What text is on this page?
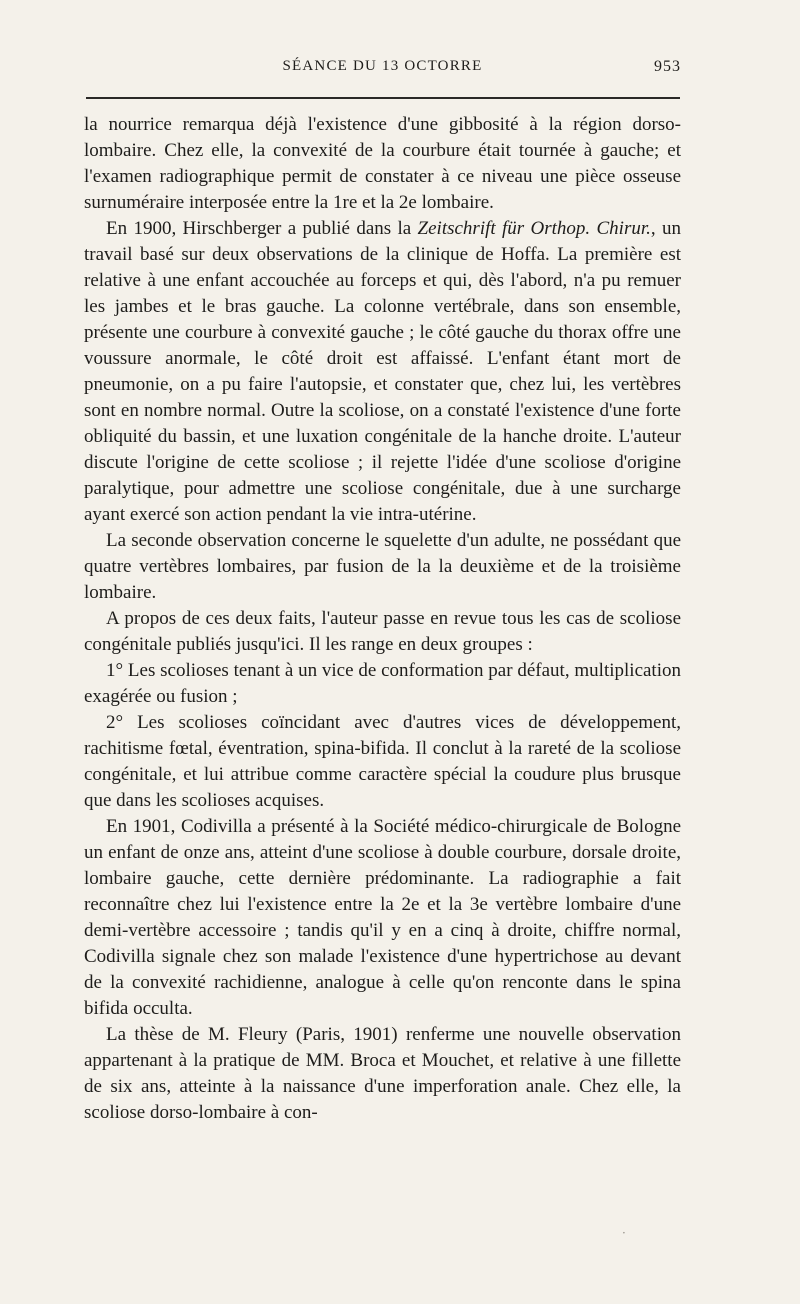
SÉANCE DU 13 OCTORRE	953

la nourrice remarqua déjà l'existence d'une gibbosité à la région dorso-lombaire. Chez elle, la convexité de la courbure était tournée à gauche; et l'examen radiographique permit de constater à ce niveau une pièce osseuse surnuméraire interposée entre la 1re et la 2e lombaire.

En 1900, Hirschberger a publié dans la Zeitschrift für Orthop. Chirur., un travail basé sur deux observations de la clinique de Hoffa. La première est relative à une enfant accouchée au forceps et qui, dès l'abord, n'a pu remuer les jambes et le bras gauche. La colonne vertébrale, dans son ensemble, présente une courbure à convexité gauche ; le côté gauche du thorax offre une voussure anormale, le côté droit est affaissé. L'enfant étant mort de pneumonie, on a pu faire l'autopsie, et constater que, chez lui, les vertèbres sont en nombre normal. Outre la scoliose, on a constaté l'existence d'une forte obliquité du bassin, et une luxation congénitale de la hanche droite. L'auteur discute l'origine de cette scoliose ; il rejette l'idée d'une scoliose d'origine paralytique, pour admettre une scoliose congénitale, due à une surcharge ayant exercé son action pendant la vie intra-utérine.

La seconde observation concerne le squelette d'un adulte, ne possédant que quatre vertèbres lombaires, par fusion de la la deuxième et de la troisième lombaire.

A propos de ces deux faits, l'auteur passe en revue tous les cas de scoliose congénitale publiés jusqu'ici. Il les range en deux groupes :

1° Les scolioses tenant à un vice de conformation par défaut, multiplication exagérée ou fusion ;

2° Les scolioses coïncidant avec d'autres vices de développement, rachitisme fœtal, éventration, spina-bifida. Il conclut à la rareté de la scoliose congénitale, et lui attribue comme caractère spécial la coudure plus brusque que dans les scolioses acquises.

En 1901, Codivilla a présenté à la Société médico-chirurgicale de Bologne un enfant de onze ans, atteint d'une scoliose à double courbure, dorsale droite, lombaire gauche, cette dernière prédominante. La radiographie a fait reconnaître chez lui l'existence entre la 2e et la 3e vertèbre lombaire d'une demi-vertèbre accessoire ; tandis qu'il y en a cinq à droite, chiffre normal, Codivilla signale chez son malade l'existence d'une hypertrichose au devant de la convexité rachidienne, analogue à celle qu'on renconte dans le spina bifida occulta.

La thèse de M. Fleury (Paris, 1901) renferme une nouvelle observation appartenant à la pratique de MM. Broca et Mouchet, et relative à une fillette de six ans, atteinte à la naissance d'une imperforation anale. Chez elle, la scoliose dorso-lombaire à con-

·
